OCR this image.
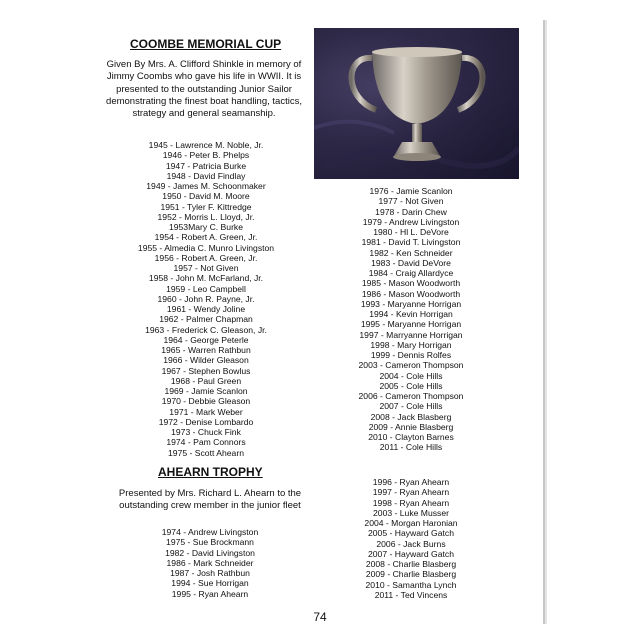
COOMBE MEMORIAL CUP
Given By Mrs. A. Clifford Shinkle in memory of Jimmy Coombs who gave his life in WWII. It is presented to the outstanding Junior Sailor demonstrating the finest boat handling, tactics, strategy and general seamanship.
1945 - Lawrence M. Noble, Jr.
1946 - Peter B. Phelps
1947 - Patricia Burke
1948 - David Findlay
1949 - James M. Schoonmaker
1950 - David M. Moore
1951 - Tyler F. Kittredge
1952 - Morris L. Lloyd, Jr.
1953Mary C. Burke
1954 - Robert A. Green, Jr.
1955 - Almedia C. Munro Livingston
1956 - Robert A. Green, Jr.
1957 - Not Given
1958 - John M. McFarland, Jr.
1959 - Leo Campbell
1960 - John R. Payne, Jr.
1961 - Wendy Joline
1962 - Palmer Chapman
1963 - Frederick C. Gleason, Jr.
1964 - George Peterle
1965 - Warren Rathbun
1966 - Wilder Gleason
1967 - Stephen Bowlus
1968 - Paul Green
1969 - Jamie Scanlon
1970 - Debbie Gleason
1971 - Mark Weber
1972 - Denise Lombardo
1973 - Chuck Fink
1974 - Pam Connors
1975 - Scott Ahearn
1976 - Jamie Scanlon
1977 - Not Given
1978 - Darin Chew
1979 - Andrew Livingston
1980 - Hl L. DeVore
1981 - David T. Livingston
1982 - Ken Schneider
1983 - David DeVore
1984 - Craig Allardyce
1985 - Mason Woodworth
1986 - Mason Woodworth
1993 - Maryanne Horrigan
1994 - Kevin Horrigan
1995 - Maryanne Horrigan
1997 - Marryanne Horrigan
1998 - Mary Horrigan
1999 - Dennis Rolfes
2003 - Cameron Thompson
2004 - Cole Hills
2005 - Cole Hills
2006 - Cameron Thompson
2007 - Cole Hills
2008 - Jack Blasberg
2009 - Annie Blasberg
2010 - Clayton Barnes
2011 - Cole Hills
AHEARN TROPHY
Presented by Mrs. Richard L. Ahearn to the outstanding crew member in the junior fleet
1974 - Andrew Livingston
1975 - Sue Brockmann
1982 - David Livingston
1986 - Mark Schneider
1987 - Josh Rathbun
1994 - Sue Horrigan
1995 - Ryan Ahearn
1996 - Ryan Ahearn
1997 - Ryan Ahearn
1998 - Ryan Ahearn
2003 - Luke Musser
2004 - Morgan Haronian
2005 - Hayward Gatch
2006 - Jack Burns
2007 - Hayward Gatch
2008 - Charlie Blasberg
2009 - Charlie Blasberg
2010 - Samantha Lynch
2011 - Ted Vincens
74
